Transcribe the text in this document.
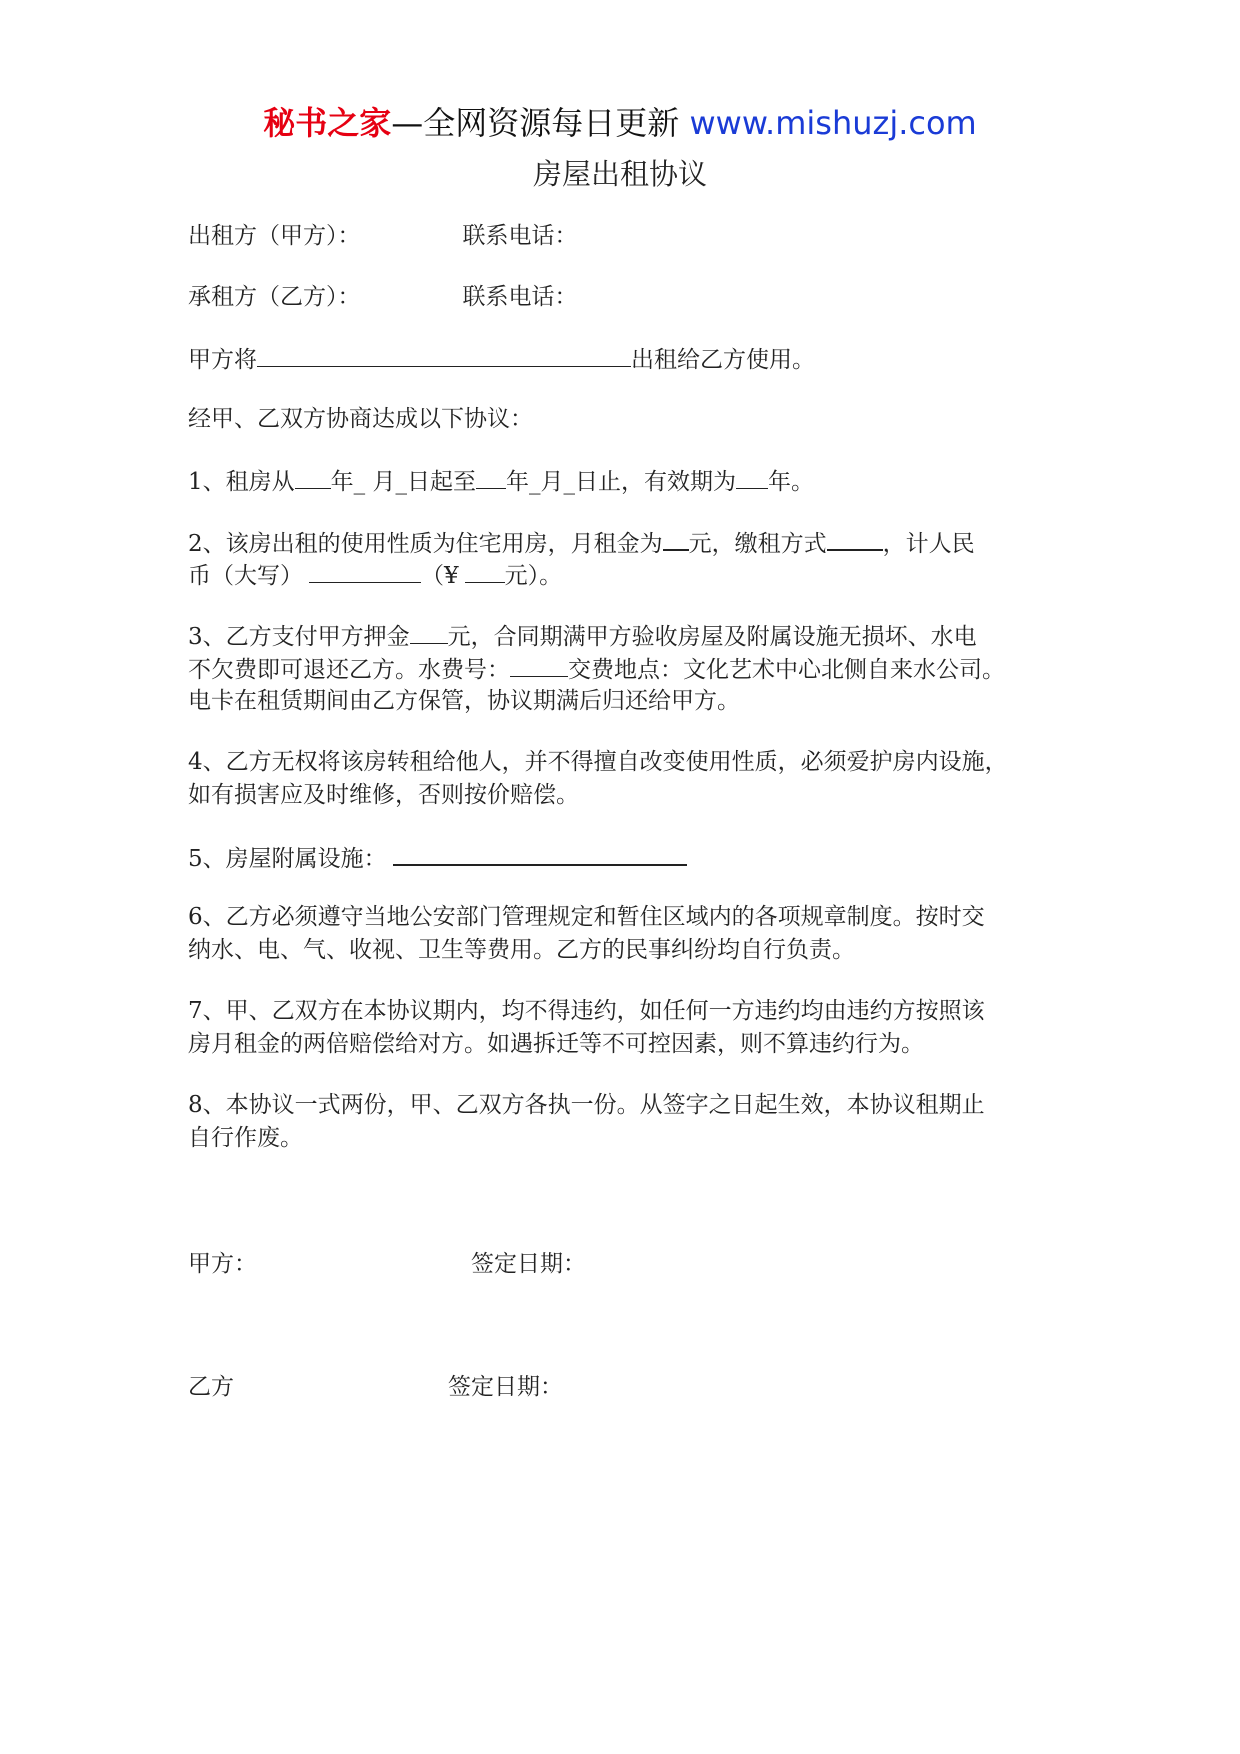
秘书之家—全网资源每日更新 www.mishuzj.com
房屋出租协议
出租方（甲方）：	联系电话：
承租方（乙方）：	联系电话：
甲方将	出租给乙方使用。
经甲、乙双方协商达成以下协议：
1、租房从 年_ 月_日起至 年_月_日止，有效期为 年。
2、该房出租的使用性质为住宅用房，月租金为 元，缴租方式 ，计人民
币（大写）	（¥ 元）。
3、乙方支付甲方押金 元，合同期满甲方验收房屋及附属设施无损坏、水电
不欠费即可退还乙方。水费号：	交费地点：文化艺术中心北侧自来水公司。
电卡在租赁期间由乙方保管，协议期满后归还给甲方。
4、乙方无权将该房转租给他人，并不得擅自改变使用性质，必须爱护房内设施，
如有损害应及时维修，否则按价赔偿。
5、房屋附属设施：
6、乙方必须遵守当地公安部门管理规定和暂住区域内的各项规章制度。按时交
纳水、电、气、收视、卫生等费用。乙方的民事纠纷均自行负责。
7、甲、乙双方在本协议期内，均不得违约，如任何一方违约均由违约方按照该
房月租金的两倍赔偿给对方。如遇拆迁等不可控因素，则不算违约行为。
8、本协议一式两份，甲、乙双方各执一份。从签字之日起生效，本协议租期止
自行作废。
甲方：	签定日期：
乙方	签定日期：
